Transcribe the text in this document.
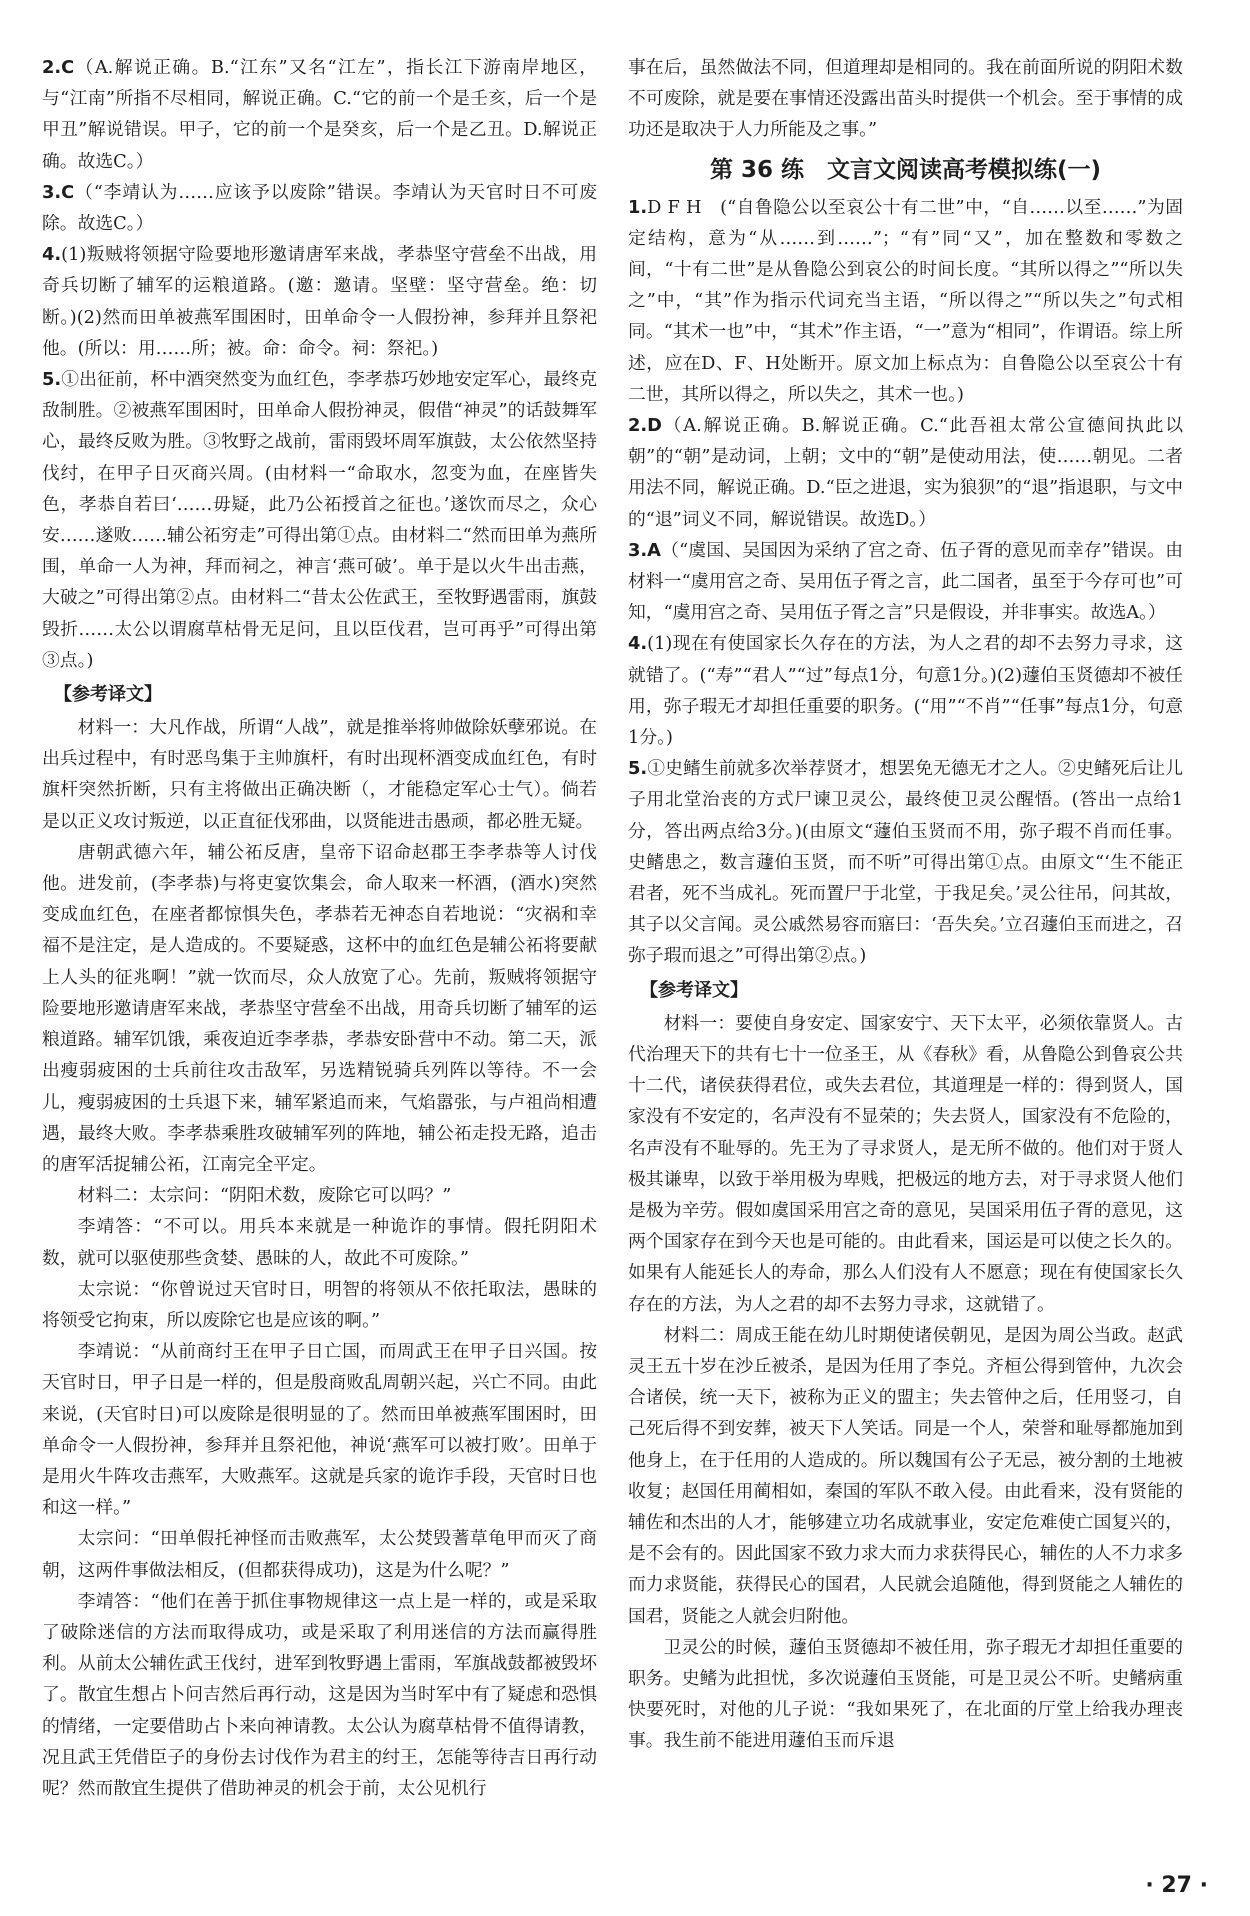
2.C（A.解说正确。B.“江东”又名“江左”，指长江下游南岸地区，与“江南”所指不尽相同，解说正确。C.“它的前一个是壬亥，后一个是甲丑”解说错误。甲子，它的前一个是癸亥，后一个是乙丑。D.解说正确。故选C。）

3.C（“李靖认为……应该予以废除”错误。李靖认为天官时日不可废除。故选C。）

4.(1)叛贼将领据守险要地形邀请唐军来战，孝恭坚守营垒不出战，用奇兵切断了辅军的运粮道路。(邀：邀请。坚壁：坚守营垒。绝：切断。)(2)然而田单被燕军围困时，田单命令一人假扮神，参拜并且祭祀他。(所以：用……所；被。命：命令。祠：祭祀。)

5.①出征前，杯中酒突然变为血红色，李孝恭巧妙地安定军心，最终克敌制胜。②被燕军围困时，田单命人假扮神灵，假借“神灵”的话鼓舞军心，最终反败为胜。③牧野之战前，雷雨毁坏周军旗鼓，太公依然坚持伐纣，在甲子日灭商兴周。(由材料一“命取水，忽变为血，在座皆失色，孝恭自若曰‘……毋疑，此乃公祏授首之征也。’遂饮而尽之，众心安……遂败……辅公祏穷走”可得出第①点。由材料二“然而田单为燕所围，单命一人为神，拜而祠之，神言‘燕可破’。单于是以火牛出击燕，大破之”可得出第②点。由材料二“昔太公佐武王，至牧野遇雷雨，旗鼓毁折……太公以谓腐草枯骨无足问，且以臣伐君，岂可再乎”可得出第③点。)

【参考译文】

材料一：大凡作战，所谓“人战”，就是推举将帅做除妖孽邪说。在出兵过程中，有时恶鸟集于主帅旗杆，有时出现杯酒变成血红色，有时旗杆突然折断，只有主将做出正确决断（，才能稳定军心士气）。倘若是以正义攻讨叛逆，以正直征伐邪曲，以贤能进击愚顽，都必胜无疑。

唐朝武德六年，辅公祏反唐，皇帝下诏命赵郡王李孝恭等人讨伐他。进发前，(李孝恭)与将吏宴饮集会，命人取来一杯酒，(酒水)突然变成血红色，在座者都惊惧失色，孝恭若无神态自若地说：“灾祸和幸福不是注定，是人造成的。不要疑惑，这杯中的血红色是辅公祏将要献上人头的征兆啊！”就一饮而尽，众人放宽了心。先前，叛贼将领据守险要地形邀请唐军来战，孝恭坚守营垒不出战，用奇兵切断了辅军的运粮道路。辅军饥饿，乘夜迫近李孝恭，孝恭安卧营中不动。第二天，派出瘦弱疲困的士兵前往攻击敌军，另选精锐骑兵列阵以等待。不一会儿，瘦弱疲困的士兵退下来，辅军紧追而来，气焰嚣张，与卢祖尚相遭遇，最终大败。李孝恭乘胜攻破辅军列的阵地，辅公祏走投无路，追击的唐军活捉辅公祏，江南完全平定。

材料二：太宗问：“阴阳术数，废除它可以吗？”

李靖答：“不可以。用兵本来就是一种诡诈的事情。假托阴阳术数，就可以驱使那些贪婪、愚昧的人，故此不可废除。”

太宗说：“你曾说过天官时日，明智的将领从不依托取法，愚昧的将领受它拘束，所以废除它也是应该的啊。”

李靖说：“从前商纣王在甲子日亡国，而周武王在甲子日兴国。按天官时日，甲子日是一样的，但是殷商败乱周朝兴起，兴亡不同。由此来说，(天官时日)可以废除是很明显的了。然而田单被燕军围困时，田单命令一人假扮神，参拜并且祭祀他，神说‘燕军可以被打败’。田单于是用火牛阵攻击燕军，大败燕军。这就是兵家的诡诈手段，天官时日也和这一样。”

太宗问：“田单假托神怪而击败燕军，太公焚毁蓍草龟甲而灭了商朝，这两件事做法相反，(但都获得成功)，这是为什么呢？”

李靖答：“他们在善于抓住事物规律这一点上是一样的，或是采取了破除迷信的方法而取得成功，或是采取了利用迷信的方法而赢得胜利。从前太公辅佐武王伐纣，进军到牧野遇上雷雨，军旗战鼓都被毁坏了。散宜生想占卜问吉然后再行动，这是因为当时军中有了疑虑和恐惧的情绪，一定要借助占卜来向神请教。太公认为腐草枯骨不值得请教，况且武王凭借臣子的身份去讨伐作为君主的纣王，怎能等待吉日再行动呢？然而散宜生提供了借助神灵的机会于前，太公见机行

事在后，虽然做法不同，但道理却是相同的。我在前面所说的阴阳术数不可废除，就是要在事情还没露出苗头时提供一个机会。至于事情的成功还是取决于人力所能及之事。”

第 36 练　文言文阅读高考模拟练(一)

1.D F H　(“自鲁隐公以至哀公十有二世”中，“自……以至……”为固定结构，意为“从……到……”；“有”同“又”，加在整数和零数之间，“十有二世”是从鲁隐公到哀公的时间长度。“其所以得之”“所以失之”中，“其”作为指示代词充当主语，“所以得之”“所以失之”句式相同。“其术一也”中，“其术”作主语，“一”意为“相同”，作谓语。综上所述，应在D、F、H处断开。原文加上标点为：自鲁隐公以至哀公十有二世，其所以得之，所以失之，其术一也。)

2.D（A.解说正确。B.解说正确。C.“此吾祖太常公宣德间执此以朝”的“朝”是动词，上朝；文中的“朝”是使动用法，使……朝见。二者用法不同，解说正确。D.“臣之进退，实为狼狈”的“退”指退职，与文中的“退”词义不同，解说错误。故选D。）

3.A（“虞国、吴国因为采纳了宫之奇、伍子胥的意见而幸存”错误。由材料一“虞用宫之奇、吴用伍子胥之言，此二国者，虽至于今存可也”可知，“虞用宫之奇、吴用伍子胥之言”只是假设，并非事实。故选A。）

4.(1)现在有使国家长久存在的方法，为人之君的却不去努力寻求，这就错了。(“寿”“君人”“过”每点1分，句意1分。)(2)蘧伯玉贤德却不被任用，弥子瑕无才却担任重要的职务。(“用”“不肖”“任事”每点1分，句意1分。)

5.①史鳍生前就多次举荐贤才，想罢免无德无才之人。②史鳍死后让儿子用北堂治丧的方式尸谏卫灵公，最终使卫灵公醒悟。(答出一点给1分，答出两点给3分。)(由原文“蘧伯玉贤而不用，弥子瑕不肖而任事。史鳍患之，数言蘧伯玉贤，而不听”可得出第①点。由原文“‘生不能正君者，死不当成礼。死而置尸于北堂，于我足矣。’灵公往吊，问其故，其子以父言闻。灵公戚然易容而寤曰：‘吾失矣。’立召蘧伯玉而进之，召弥子瑕而退之”可得出第②点。)

【参考译文】

材料一：要使自身安定、国家安宁、天下太平，必须依靠贤人。古代治理天下的共有七十一位圣王，从《春秋》看，从鲁隐公到鲁哀公共十二代，诸侯获得君位，或失去君位，其道理是一样的：得到贤人，国家没有不安定的，名声没有不显荣的；失去贤人，国家没有不危险的，名声没有不耻辱的。先王为了寻求贤人，是无所不做的。他们对于贤人极其谦卑，以致于举用极为卑贱，把极远的地方去，对于寻求贤人他们是极为辛劳。假如虞国采用宫之奇的意见，吴国采用伍子胥的意见，这两个国家存在到今天也是可能的。由此看来，国运是可以使之长久的。如果有人能延长人的寿命，那么人们没有人不愿意；现在有使国家长久存在的方法，为人之君的却不去努力寻求，这就错了。

材料二：周成王能在幼儿时期使诸侯朝见，是因为周公当政。赵武灵王五十岁在沙丘被杀，是因为任用了李兑。齐桓公得到管仲，九次会合诸侯，统一天下，被称为正义的盟主；失去管仲之后，任用竖刁，自己死后得不到安葬，被天下人笑话。同是一个人，荣誉和耻辱都施加到他身上，在于任用的人造成的。所以魏国有公子无忌，被分割的土地被收复；赵国任用蔺相如，秦国的军队不敢入侵。由此看来，没有贤能的辅佐和杰出的人才，能够建立功名成就事业，安定危难使亡国复兴的，是不会有的。因此国家不致力求大而力求获得民心，辅佐的人不力求多而力求贤能，获得民心的国君，人民就会追随他，得到贤能之人辅佐的国君，贤能之人就会归附他。

卫灵公的时候，蘧伯玉贤德却不被任用，弥子瑕无才却担任重要的职务。史鳍为此担忧，多次说蘧伯玉贤能，可是卫灵公不听。史鳍病重快要死时，对他的儿子说：“我如果死了，在北面的厅堂上给我办理丧事。我生前不能进用蘧伯玉而斥退

· 27 ·
